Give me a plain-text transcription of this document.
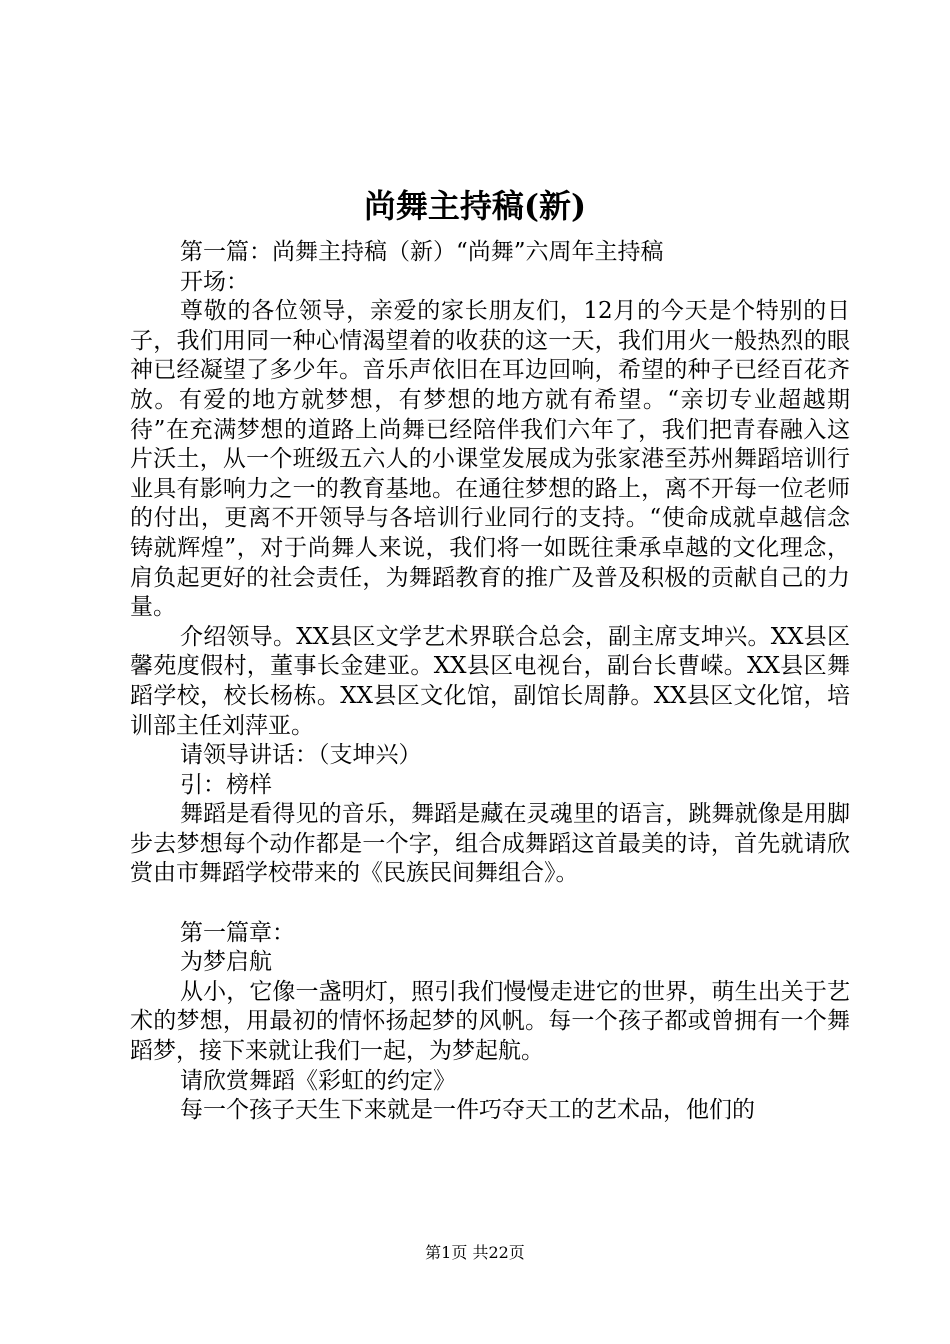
尚舞主持稿(新)

第一篇：尚舞主持稿（新）“尚舞”六周年主持稿

开场：

尊敬的各位领导，亲爱的家长朋友们，12月的今天是个特别的日子，我们用同一种心情渴望着的收获的这一天，我们用火一般热烈的眼神已经凝望了多少年。音乐声依旧在耳边回响，希望的种子已经百花齐放。有爱的地方就梦想，有梦想的地方就有希望。“亲切专业超越期待”在充满梦想的道路上尚舞已经陪伴我们六年了，我们把青春融入这片沃土，从一个班级五六人的小课堂发展成为张家港至苏州舞蹈培训行业具有影响力之一的教育基地。在通往梦想的路上，离不开每一位老师的付出，更离不开领导与各培训行业同行的支持。“使命成就卓越信念铸就辉煌”，对于尚舞人来说，我们将一如既往秉承卓越的文化理念，肩负起更好的社会责任，为舞蹈教育的推广及普及积极的贡献自己的力量。

介绍领导。XX县区文学艺术界联合总会，副主席支坤兴。XX县区馨苑度假村，董事长金建亚。XX县区电视台，副台长曹嵘。XX县区舞蹈学校，校长杨栋。XX县区文化馆，副馆长周静。XX县区文化馆，培训部主任刘萍亚。

请领导讲话：（支坤兴）

引：榜样

舞蹈是看得见的音乐，舞蹈是藏在灵魂里的语言，跳舞就像是用脚步去梦想每个动作都是一个字，组合成舞蹈这首最美的诗，首先就请欣赏由市舞蹈学校带来的《民族民间舞组合》。

第一篇章：

为梦启航

从小，它像一盏明灯，照引我们慢慢走进它的世界，萌生出关于艺术的梦想，用最初的情怀扬起梦的风帆。每一个孩子都或曾拥有一个舞蹈梦，接下来就让我们一起，为梦起航。

请欣赏舞蹈《彩虹的约定》

每一个孩子天生下来就是一件巧夺天工的艺术品，他们的

第1页 共22页
